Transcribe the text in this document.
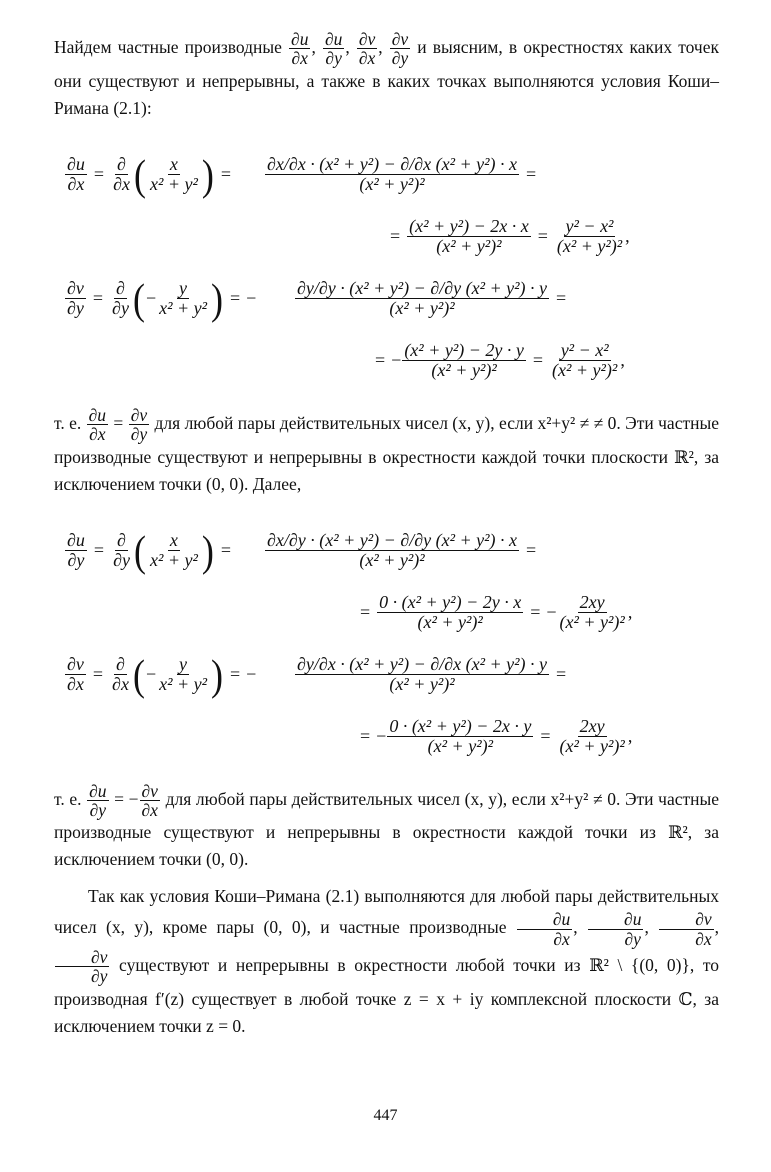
Найдем частные производные $\frac{\partial u}{\partial x}$ , $\frac{\partial u}{\partial y}$ , $\frac{\partial v}{\partial x}$ , $\frac{\partial v}{\partial y}$ и выясним, в окрестностях каких точек они существуют и непрерывны, а также в каких точках выполняются условия Коши–Римана (2.1):

$\frac{\partial u}{\partial x} = \frac{\partial}{\partial x}$ ( $\frac{x}{\text{x² + y²}}$ ) = $\frac{\text{∂x/∂x · (x² + y²) − ∂/∂x (x² + y²) · x}}{\text{(x² + y²)²}}$ =
= $\frac{\text{(x² + y²) − 2x · x}}{\text{(x² + y²)²}} = \frac{\text{y² − x²}}{\text{(x² + y²)²}}$ ,
$\frac{\partial v}{\partial y} = \frac{\partial}{\partial y}$ ( − $\frac{y}{\text{x² + y²}}$ ) = − $\frac{\text{∂y/∂y · (x² + y²) − ∂/∂y (x² + y²) · y}}{\text{(x² + y²)²}}$ =
= − $\frac{\text{(x² + y²) − 2y · y}}{\text{(x² + y²)²}} = \frac{\text{y² − x²}}{\text{(x² + y²)²}}$ ,

т. е. $\frac{\partial u}{\partial x} = \frac{\partial v}{\partial y}$ для любой пары действительных чисел (x, y), если x²+y² ≠ ≠ 0. Эти частные производные существуют и непрерывны в окрестности каждой точки плоскости ℝ², за исключением точки (0, 0). Далее,

$\frac{\partial u}{\partial y} = \frac{\partial}{\partial y}$ ( $\frac{x}{\text{x² + y²}}$ ) = $\frac{\text{∂x/∂y · (x² + y²) − ∂/∂y (x² + y²) · x}}{\text{(x² + y²)²}}$ =
= $\frac{\text{0 · (x² + y²) − 2y · x}}{\text{(x² + y²)²}}$ = − $\frac{2xy}{\text{(x² + y²)²}}$ ,
$\frac{\partial v}{\partial x} = \frac{\partial}{\partial x}$ ( − $\frac{y}{\text{x² + y²}}$ ) = − $\frac{\text{∂y/∂x · (x² + y²) − ∂/∂x (x² + y²) · y}}{\text{(x² + y²)²}}$ =
= − $\frac{\text{0 · (x² + y²) − 2x · y}}{\text{(x² + y²)²}} = \frac{2xy}{\text{(x² + y²)²}}$ ,

т. е. $\frac{\partial u}{\partial y}$ = − $\frac{\partial v}{\partial x}$ для любой пары действительных чисел (x, y), если x²+y² ≠ 0. Эти частные производные существуют и непрерывны в окрестности каждой точки из ℝ², за исключением точки (0, 0).

Так как условия Коши–Римана (2.1) выполняются для любой пары действительных чисел (x, y), кроме пары (0, 0), и частные производные $\frac{\partial u}{\partial x}$ , $\frac{\partial u}{\partial y}$ , $\frac{\partial v}{\partial x}$ ,
$\frac{\partial v}{\partial y}$ существуют и непрерывны в окрестности любой точки из ℝ² \ {(0, 0)}, то производная f′(z) существует в любой точке z = x + iy комплексной плоскости ℂ, за исключением точки z = 0.

447
